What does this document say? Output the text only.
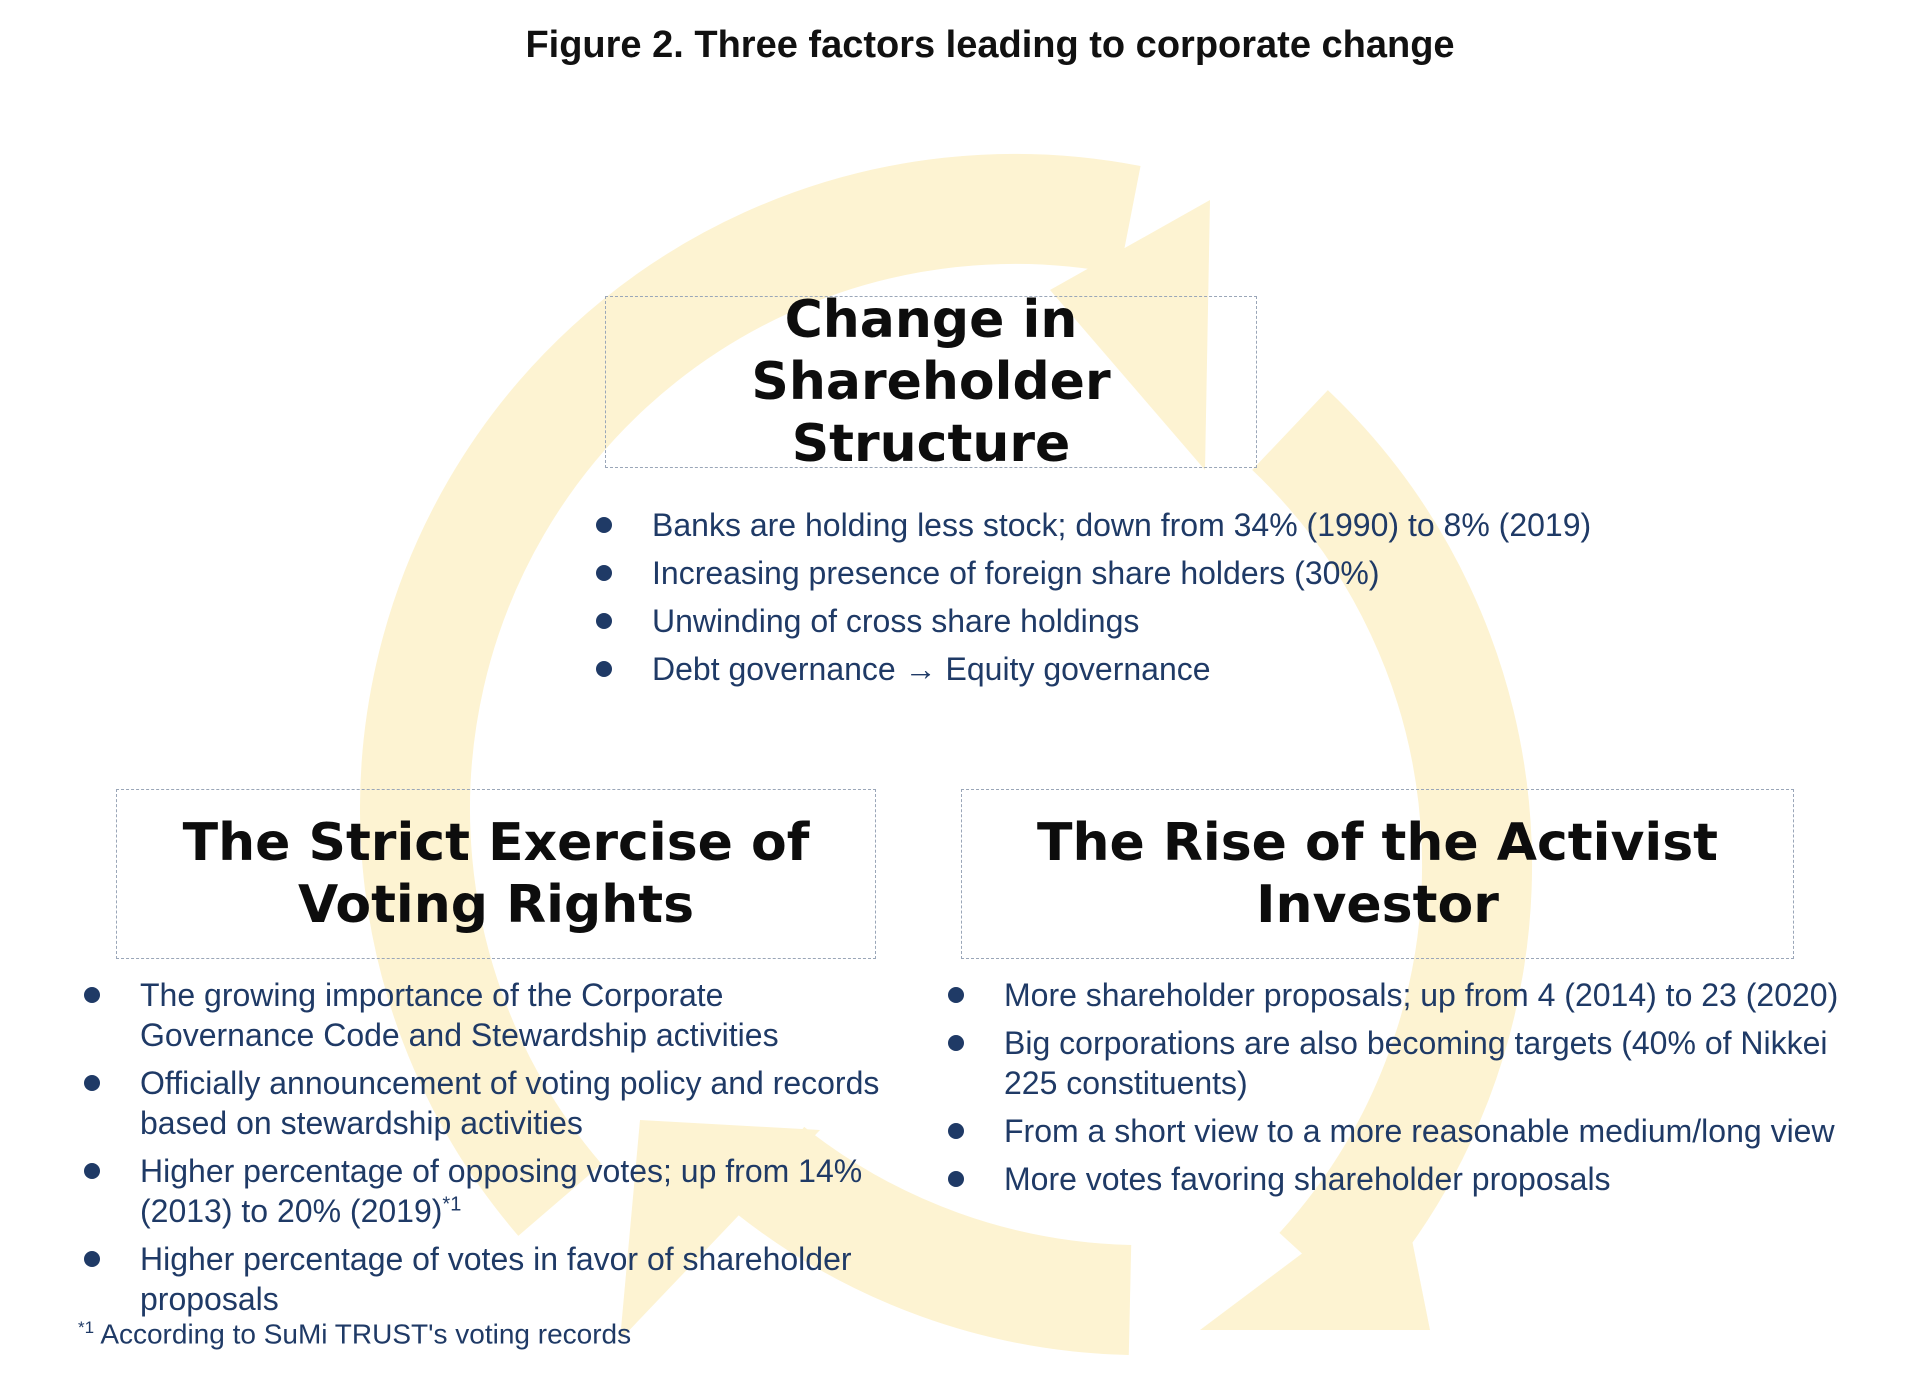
Figure 2. Three factors leading to corporate change
Change in Shareholder
Structure
Banks are holding less stock; down from 34% (1990) to 8% (2019)
Increasing presence of foreign share holders (30%)
Unwinding of cross share holdings
Debt governance → Equity governance
The Strict Exercise of
Voting Rights
The growing importance of the Corporate Governance Code and Stewardship activities
Officially announcement of voting policy and records based on stewardship activities
Higher percentage of opposing votes; up from 14% (2013) to 20% (2019)$^{*1}$
Higher percentage of votes in favor of shareholder proposals
The Rise of the Activist
Investor
More shareholder proposals; up from 4 (2014) to 23 (2020)
Big corporations are also becoming targets (40% of Nikkei 225 constituents)
From a short view to a more reasonable medium/long view
More votes favoring shareholder proposals
$^{*1}$ According to SuMi TRUST's voting records
